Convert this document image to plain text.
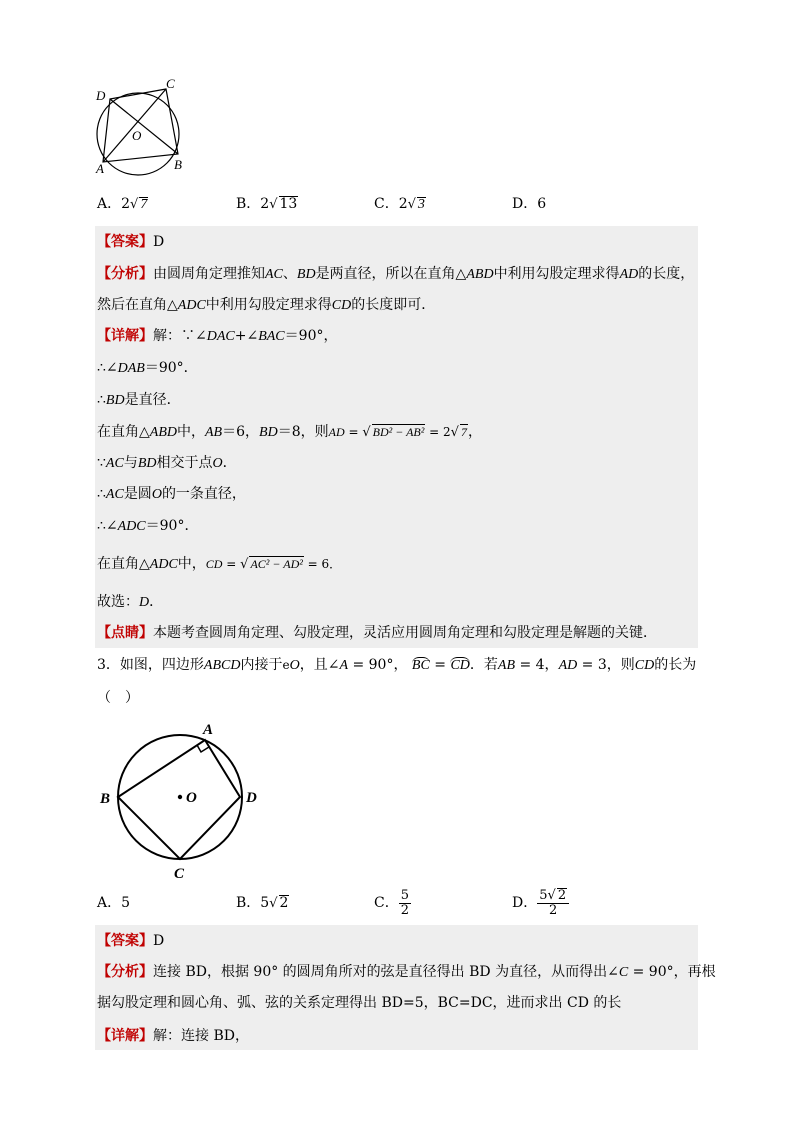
D
C
O
A	B
A．2√ 7	B．2√ 13	C．2√ 3	D．6
【答案】D
【分析】由圆周角定理推知AC、BD是两直径，所以在直角△ABD中利用勾股定理求得AD的长度，
然后在直角△ADC中利用勾股定理求得CD的长度即可．
【详解】解：∵∠DAC+∠BAC＝90°，
∴∠DAB＝90°．
∴BD是直径．
在直角△ABD中，AB＝6，BD＝8，则AD = √ BD² − AB² = 2√ 7，
∵AC与BD相交于点O．
∴AC是圆O的一条直径，
∴∠ADC＝90°．
在直角△ADC中，CD = √ AC² − AD² = 6．
故选：D．
【点睛】本题考查圆周角定理、勾股定理，灵活应用圆周角定理和勾股定理是解题的关键．
3．如图，四边形ABCD内接于eO，且∠A = 90°， BC = CD．若AB = 4，AD = 3，则CD的长为
（　）
A
B	O	D
C
A．5	B．5√ 2	C． $\frac{5}{2}$	D． $\frac{5√ 2}{2}$
【答案】D
【分析】连接 BD，根据 90° 的圆周角所对的弦是直径得出 BD 为直径，从而得出∠C = 90°，再根
据勾股定理和圆心角、弧、弦的关系定理得出 BD=5，BC=DC，进而求出 CD 的长
【详解】解：连接 BD，
